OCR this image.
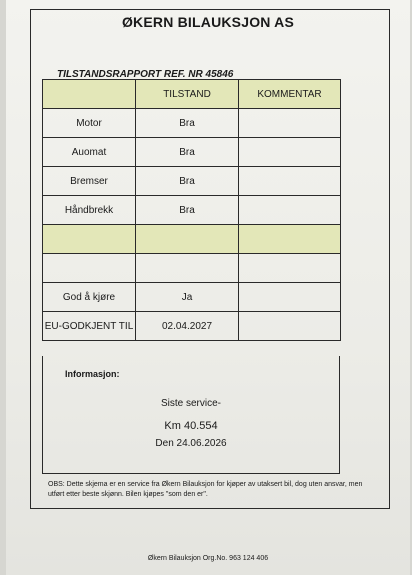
ØKERN BILAUKSJON AS
TILSTANDSRAPPORT REF. NR 45846
	TILSTAND	KOMMENTAR
Motor	Bra	
Auomat	Bra	
Bremser	Bra	
Håndbrekk	Bra	

God å kjøre	Ja	
EU-GODKJENT TIL	02.04.2027	
Informasjon:
Siste service-
Km 40.554
Den 24.06.2026
OBS: Dette skjema er en service fra Økern Bilauksjon for kjøper av utaksert bil, dog uten ansvar, men utført etter beste skjønn. Bilen kjøpes "som den er".
Økern Bilauksjon Org.No. 963 124 406
